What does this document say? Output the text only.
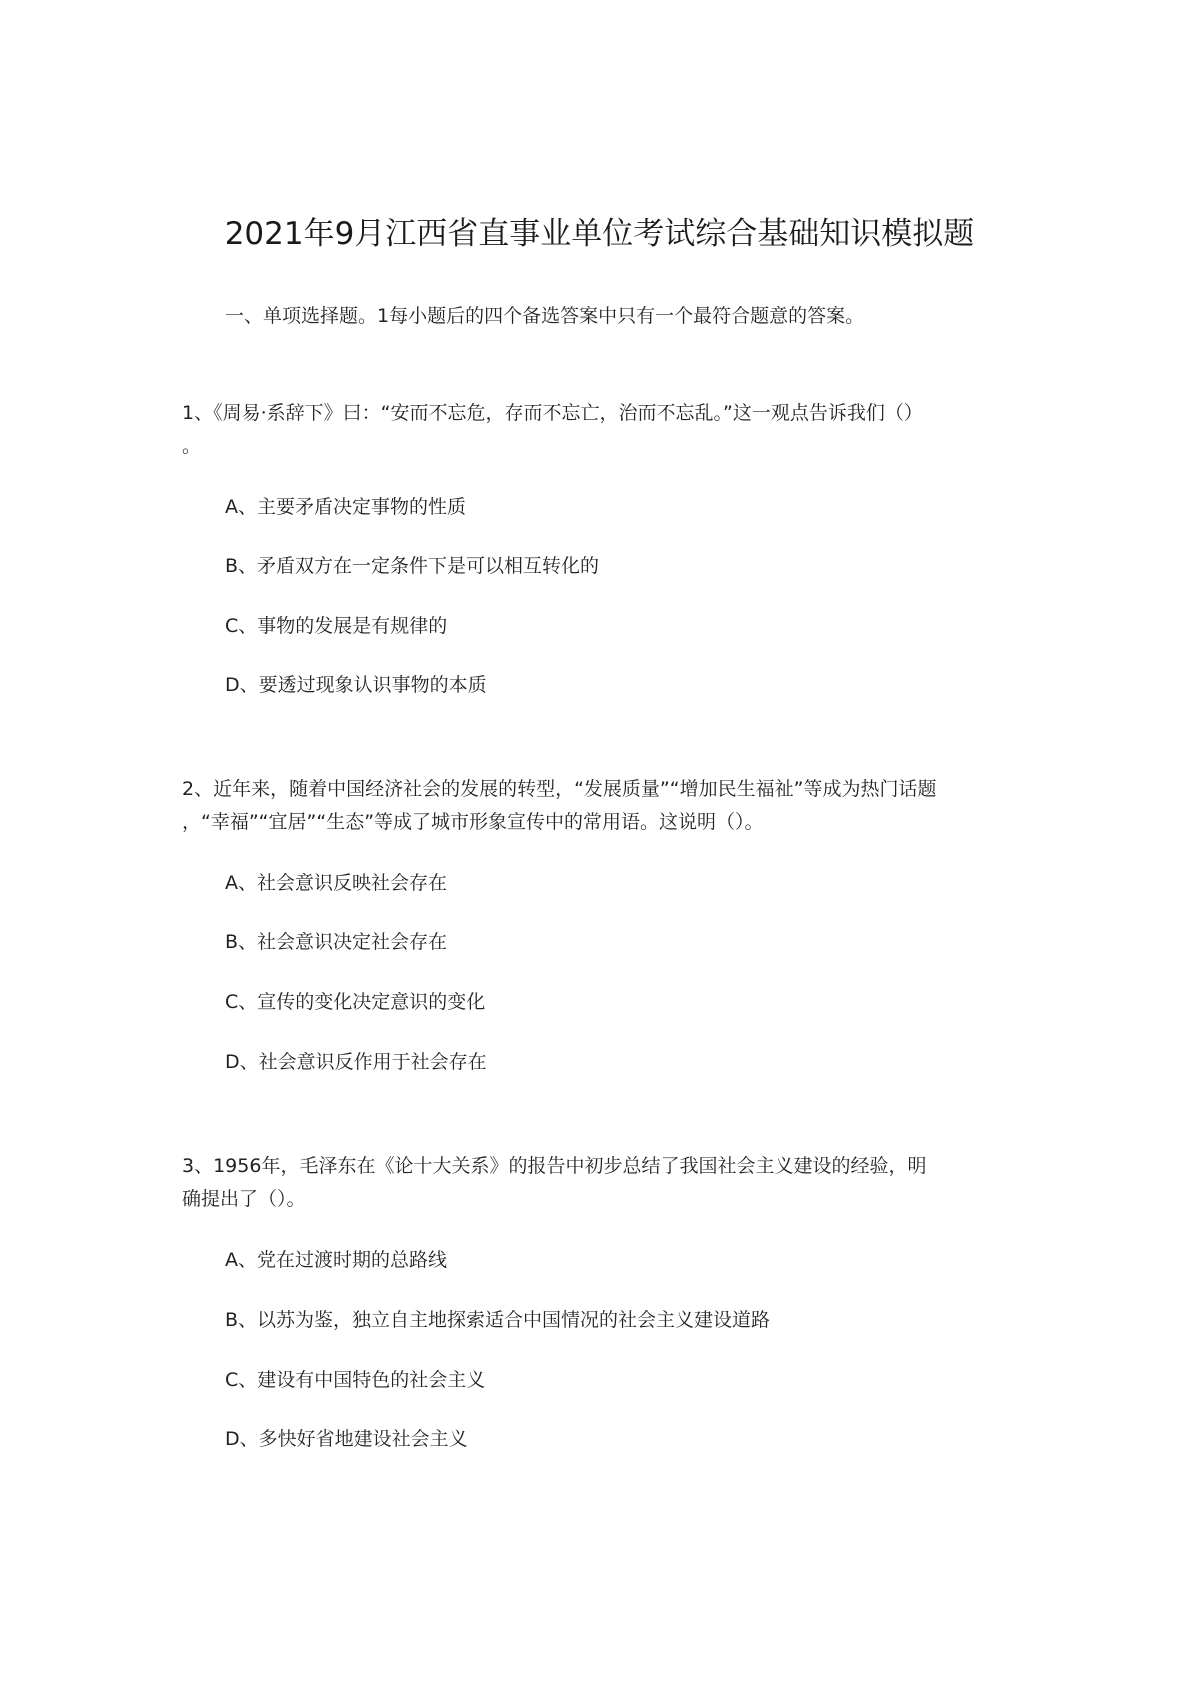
2021年9月江西省直事业单位考试综合基础知识模拟题
一、单项选择题。1每小题后的四个备选答案中只有一个最符合题意的答案。
1、《周易·系辞下》曰：“安而不忘危，存而不忘亡，治而不忘乱。”这一观点告诉我们（）
。
A、主要矛盾决定事物的性质
B、矛盾双方在一定条件下是可以相互转化的
C、事物的发展是有规律的
D、要透过现象认识事物的本质
2、近年来，随着中国经济社会的发展的转型，“发展质量”“增加民生福祉”等成为热门话题
，“幸福”“宜居”“生态”等成了城市形象宣传中的常用语。这说明（）。
A、社会意识反映社会存在
B、社会意识决定社会存在
C、宣传的变化决定意识的变化
D、社会意识反作用于社会存在
3、1956年，毛泽东在《论十大关系》的报告中初步总结了我国社会主义建设的经验，明
确提出了（）。
A、党在过渡时期的总路线
B、以苏为鉴，独立自主地探索适合中国情况的社会主义建设道路
C、建设有中国特色的社会主义
D、多快好省地建设社会主义
